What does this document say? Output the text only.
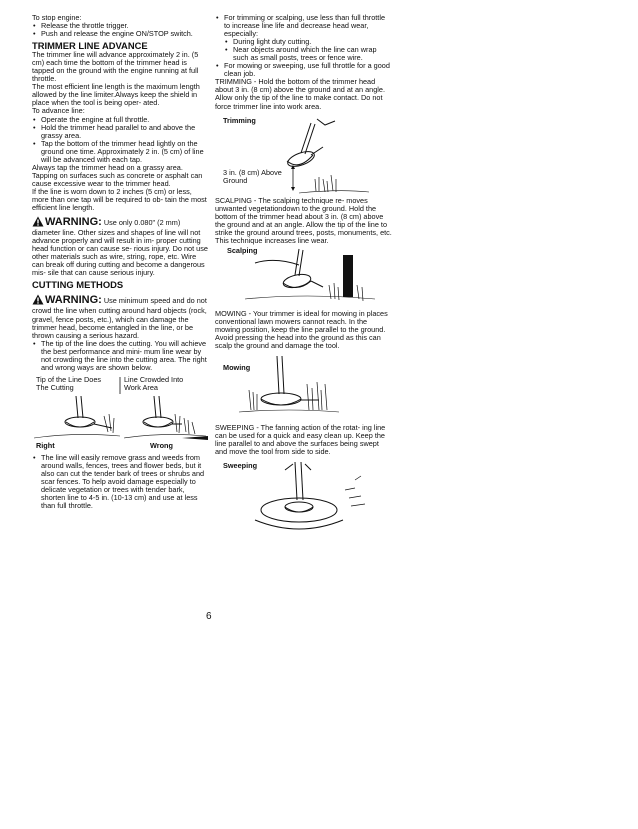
To stop engine:

• Release the throttle trigger.
• Push and release the engine ON/STOP switch.

TRIMMER LINE ADVANCE

The trimmer line will advance approximately 2 in. (5 cm) each time the bottom of the trimmer head is tapped on the ground with the engine running at full throttle.

The most efficient line length is the maximum length allowed by the line limiter.Always keep the shield in place when the tool is being oper- ated.

To advance line:

• Operate the engine at full throttle.
• Hold the trimmer head parallel to and above the grassy area.
• Tap the bottom of the trimmer head lightly on the ground one time. Approximately 2 in. (5 cm) of line will be advanced with each tap.

Always tap the trimmer head on a grassy area. Tapping on surfaces such as concrete or asphalt can cause excessive wear to the trimmer head.

If the line is worn down to 2 inches (5 cm) or less, more than one tap will be required to ob- tain the most efficient line length.

WARNING: Use only 0.080" (2 mm) diameter line. Other sizes and shapes of line will not advance properly and will result in im- proper cutting head function or can cause se- rious injury. Do not use other materials such as wire, string, rope, etc. Wire can break off during cutting and become a dangerous mis- sile that can cause serious injury.

CUTTING METHODS

WARNING: Use minimum speed and do not crowd the line when cutting around hard objects (rock, gravel, fence posts, etc.), which can damage the trimmer head, become entangled in the line, or be thrown causing a serious hazard.

• The tip of the line does the cutting. You will achieve the best performance and mini- mum line wear by not crowding the line into the cutting area. The right and wrong ways are shown below.
Tip of the Line Does The Cutting
Line Crowded Into Work Area
Right	Wrong
• The line will easily remove grass and weeds from around walls, fences, trees and flower beds, but it also can cut the tender bark of trees or shrubs and scar fences. To help avoid damage especially to delicate vegetation or trees with tender bark, shorten line to 4-5 in. (10-13 cm) and use at less than full throttle.
• For trimming or scalping, use less than full throttle to increase line life and decrease head wear, especially:
• During light duty cutting.
• Near objects around which the line can wrap such as small posts, trees or fence wire.
• For mowing or sweeping, use full throttle for a good clean job.

TRIMMING - Hold the bottom of the trimmer head about 3 in. (8 cm) above the ground and at an angle. Allow only the tip of the line to make contact. Do not force trimmer line into work area.

Trimming
3 in. (8 cm) Above Ground

SCALPING - The scalping technique re- moves unwanted vegetationdown to the ground. Hold the bottom of the trimmer head about 3 in. (8 cm) above the ground and at an angle. Allow the tip of the line to strike the ground around trees, posts, monuments, etc. This technique increases line wear.

Scalping

MOWING - Your trimmer is ideal for mowing in places conventional lawn mowers cannot reach. In the mowing position, keep the line parallel to the ground. Avoid pressing the head into the ground as this can scalp the ground and damage the tool.

Mowing

SWEEPING - The fanning action of the rotat- ing line can be used for a quick and easy clean up. Keep the line parallel to and above the surfaces being swept and move the tool from side to side.

Sweeping
6
